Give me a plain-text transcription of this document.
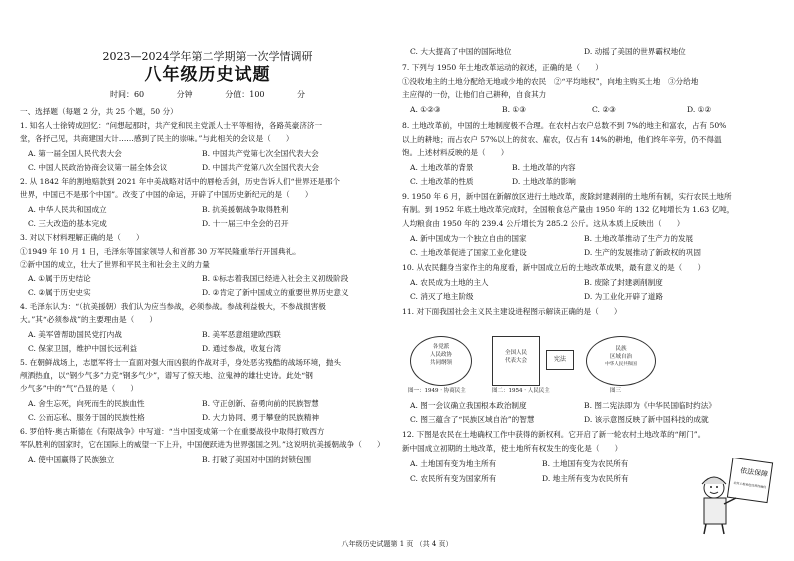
2023—2024学年第二学期第一次学情调研
八年级历史试题
时间：60 分钟	分值：100 分
一、选择题（每题 2 分，共 25 个题，50 分）
1. 知名人士徐铸成回忆：“问想起那时，共产党和民主党派人士平等相待，各路英豪济济一
堂，各抒己见，共商建国大计……感到了民主的崇味。”与此相关的会议是（　　）
A. 第一届全国人民代表大会	B. 中国共产党第七次全国代表大会
C. 中国人民政治协商会议第一届全体会议	D. 中国共产党第八次全国代表大会
2. 从 1842 年的割地赔款到 2021 年中美战略对话中的唇枪舌剑，历史告诉人们“世界还是那个
世界，中国已不是那个中国”。改变了中国的命运，开辟了中国历史新纪元的是（　　）
A. 中华人民共和国成立	B. 抗美援朝战争取得胜利
C. 三大改造的基本完成	D. 十一届三中全会的召开
3. 对以下材料理解正确的是（　　）
①1949 年 10 月 1 日，毛泽东等国家领导人和首都 30 万军民隆重举行开国典礼。
②新中国的成立，壮大了世界和平民主和社会主义的力量
A. ①属于历史结论	B. ①标志着我国已经进入社会主义初级阶段
C. ②属于历史史实	D. ②肯定了新中国成立的重要世界历史意义
4. 毛泽东认为：“（抗美援朝）我们认为应当参战，必须参战。参战利益极大，不参战损害极
大。”其“必须参战”的主要理由是（　　）
A. 美军曾帮助国民党打内战	B. 美军恶意组建欧西联
C. 保家卫国，维护中国长远利益	D. 通过参战，收复台湾
5. 在朝鲜战场上，志愿军将士一直面对强大而凶狠的作战对手，身处恶劣残酷的战场环境，抛头
颅洒热血，以“钢少气多”力克“钢多气少”，谱写了惊天地、泣鬼神的雄壮史诗。此处“钢
少气多”中的“气”凸显的是（　　）
A. 舍生忘死，向死而生的民族血性	B. 守正创新、奋勇向前的民族智慧
C. 公而忘私、服务于国的民族性格	D. 大力协同、勇于攀登的民族精神
6. 罗伯特·奥古斯德在《有限战争》中写道：“当中国变成第一个在重要战役中取得打败西方
军队胜利的国家时，它在国际上的威望一下上升，中国便跃进为世界强国之列。”这说明抗美援朝战争（　　）
A. 使中国赢得了民族独立	B. 打破了美国对中国的封锁包围
C. 大大提高了中国的国际地位	D. 动摇了美国的世界霸权地位
7. 下列与 1950 年土地改革运动的叙述，正确的是（　　）
①没收地主的土地分配给无地或少地的农民　②“平均地权”，向地主购买土地　③分给地
主应得的一份，让他们自己耕种，自食其力
A. ①②③	B. ①③	C. ②③	D. ①②
8. 土地改革前，中国的土地制度极不合理。在农村占农户总数不到 7%的地主和富农，占有 50%
以上的耕地；而占农户 57%以上的贫农、雇农，仅占有 14%的耕地，他们终年辛劳，仍不得温
饱。上述材料反映的是（　　）
A. 土地改革的背景	B. 土地改革的内容
C. 土地改革的性质	D. 土地改革的影响
9. 1950 年 6 月，新中国在新解放区进行土地改革，废除封建剥削的土地所有制，实行农民土地所
有制。到 1952 年底土地改革完成时，全国粮食总产量由 1950 年的 132 亿吨增长为 1.63 亿吨，
人均粮食由 1950 年的 239.4 公斤增长为 285.2 公斤。这从本质上反映出（　　）
A. 新中国成为一个独立自由的国家	B. 土地改革推动了生产力的发展
C. 土地改革促进了国家工业化建设	D. 生产的发展推动了新政权的巩固
10. 从农民翻身当家作主的角度看，新中国成立后的土地改革成果，最有意义的是（　　）
A. 农民成为土地的主人	B. 废除了封建剥削制度
C. 消灭了地主阶级	D. 为工业化开辟了道路
11. 对下面我国社会主义民主建设进程图示解读正确的是（　　）
各党派
人民政协
共同纲领
图一：1949 · 协商民主
全国人民
代表大会	宪法
图二：1954 · 人民民主
民族
区域自治
中华人民共和国
图三
A. 图一会议确立我国根本政治制度	B. 图二宪法即为《中华民国临时约法》
C. 图三蕴含了“民族区域自治”的智慧	D. 该示意图反映了新中国科技的成就
12. 下图是农民在土地确权工作中获得的新权利。它开启了新一轮农村土地改革的“闸门”。
新中国成立初期的土地改革，使土地所有权发生的变化是（　　）
A. 土地国有变为地主所有	B. 土地国有变为农民所有
C. 农民所有变为国家所有	D. 地主所有变为农民所有
依法保障
农村土地承包经营权确权
八年级历史试题第 1 页 （共 4 页）
